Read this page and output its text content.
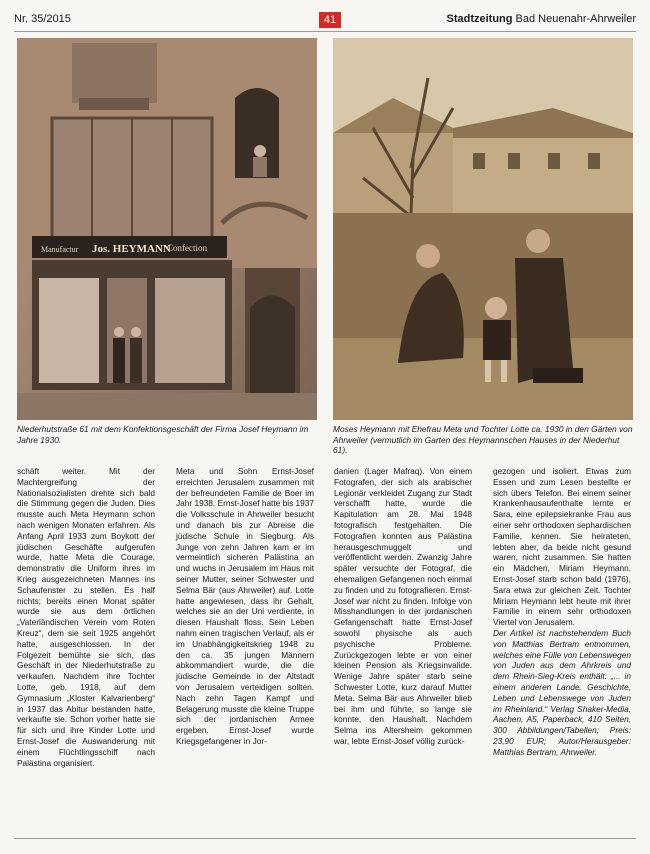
Nr. 35/2015	41	Stadtzeitung Bad Neuenahr-Ahrweiler
Manufactur Jos. HEYMANN
Confection
Niederhutstraße 61 mit dem Konfektionsgeschäft der Firma Josef Heymann im Jahre 1930.
Moses Heymann mit Ehefrau Meta und Tochter Lotte ca. 1930 in den Gärten von Ahrweiler (vermutlich im Garten des Heymannschen Hauses in der Niederhut 61).

schäft weiter. Mit der Machtergreifung der Nationalsozialisten drehte sich bald die Stimmung gegen die Juden. Dies musste auch Meta Heymann schon nach wenigen Monaten erfahren. Als Anfang April 1933 zum Boykott der jüdischen Geschäfte aufgerufen wurde, hatte Meta die Courage, demonstrativ die Uniform ihres im Krieg ausgezeichneten Mannes ins Schaufenster zu stellen. Es half nichts; bereits einen Monat später wurde sie aus dem örtlichen „Vaterländischen Verein vom Roten Kreuz“, dem sie seit 1925 angehört hatte, ausgeschlossen. In der Folgezeit bemühte sie sich, das Geschäft in der Niederhutstraße zu verkaufen. Nachdem ihre Tochter Lotte, geb. 1918, auf dem Gymnasium „Kloster Kalvarienberg“ in 1937 das Abitur bestanden hatte, verkaufte sie. Schon vorher hatte sie für sich und ihre Kinder Lotte und Ernst-Josef die Auswanderung mit einem Flüchtlingsschiff nach Palästina organisiert.

Meta und Sohn Ernst-Josef erreichten Jerusalem zusammen mit der befreundeten Familie de Boer im Jahr 1938. Ernst-Josef hatte bis 1937 die Volksschule in Ahrweiler besucht und danach bis zur Abreise die jüdische Schule in Siegburg. Als Junge von zehn Jahren kam er im vermeintlich sicheren Palästina an und wuchs in Jerusalem im Haus mit seiner Mutter, seiner Schwester und Selma Bär (aus Ahrweiler) auf. Lotte hatte angewiesen, dass ihr Gehalt, welches sie an der Uni verdiente, in diesen Haushalt floss. Sein Leben nahm einen tragischen Verlauf, als er im Unabhängigkeitskrieg 1948 zu den ca. 35 jungen Männern abkommandiert wurde, die die jüdische Gemeinde in der Altstadt von Jerusalem verteidigen sollten. Nach zehn Tagen Kampf und Belagerung musste die kleine Truppe sich der jordanischen Armee ergeben. Ernst-Josef wurde Kriegsgefangener in Jor-

danien (Lager Mafraq). Von einem Fotografen, der sich als arabischer Legionär verkleidet Zugang zur Stadt verschafft hatte, wurde die Kapitulation am 28. Mai 1948 fotografisch festgehalten. Die Fotografien konnten aus Palästina herausgeschmuggelt und veröffentlicht werden. Zwanzig Jahre später versuchte der Fotograf, die ehemaligen Gefangenen noch einmal zu finden und zu fotografieren. Ernst-Josef war nicht zu finden. Infolge von Misshandlungen in der jordanischen Gefangenschaft hatte Ernst-Josef sowohl physische als auch psychische Probleme. Zurückgezogen lebte er von einer kleinen Pension als Kriegsinvalide. Wenige Jahre später starb seine Schwester Lotte, kurz darauf Mutter Meta. Selma Bär aus Ahrweiler blieb bei ihm und führte, so lange sie konnte, den Haushalt. Nachdem Selma ins Altersheim gekommen war, lebte Ernst-Josef völlig zurück-

gezogen und isoliert. Etwas zum Essen und zum Lesen bestellte er sich übers Telefon. Bei einem seiner Krankenhausaufenthalte lernte er Sara, eine epilepsiekranke Frau aus einer sehr orthodoxen sephardischen Familie, kennen. Sie heirateten, lebten aber, da beide nicht gesund waren, nicht zusammen. Sie hatten ein Mädchen, Miriam Heymann. Ernst-Josef starb schon bald (1976), Sara etwa zur gleichen Zeit. Tochter Miriam Heymann lebt heute mit ihrer Familie in einem sehr orthodoxen Viertel von Jerusalem.

Der Artikel ist nachstehendem Buch von Matthias Bertram entnommen, welches eine Fülle von Lebenswegen von Juden aus dem Ahrkreis und dem Rhein-Sieg-Kreis enthält: „... in einem anderen Lande. Geschichte, Leben und Lebenswege von Juden im Rheinland.“ Verlag Shaker-Media, Aachen, A5, Paperback, 410 Seiten, 300 Abbildungen/Tabellen; Preis: 23,90 EUR; Autor/Herausgeber: Matthias Bertram, Ahrweiler.
